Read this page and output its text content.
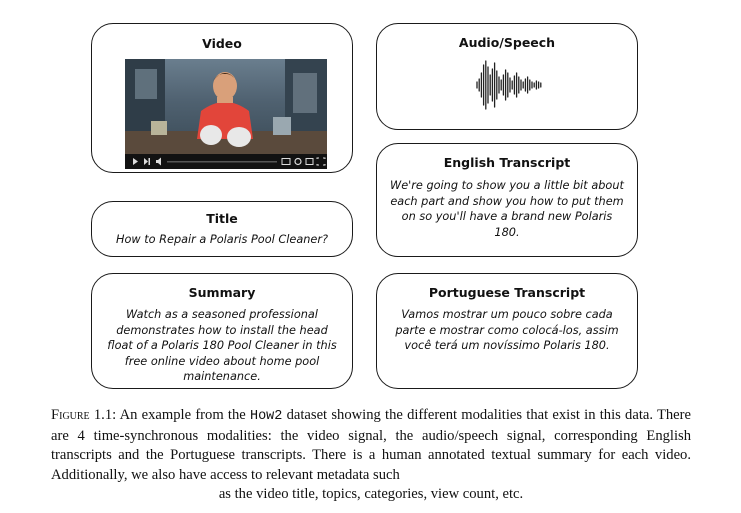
Video
Title
How to Repair a Polaris Pool Cleaner?
Summary
Watch as a seasoned professional
demonstrates how to install the head
float of a Polaris 180 Pool Cleaner in this
free online video about home pool
maintenance.
Audio/Speech
English Transcript
We're going to show you a little bit about
each part and show you how to put them
on so you'll have a brand new Polaris
180.
Portuguese Transcript
Vamos mostrar um pouco sobre cada
parte e mostrar como colocá-los, assim
você terá um novíssimo Polaris 180.
Figure 1.1: An example from the How2 dataset showing the different modalities that exist in this data. There are 4 time-synchronous modalities: the video signal, the audio/speech signal, corresponding English transcripts and the Portuguese transcripts. There is a human annotated textual summary for each video. Additionally, we also have access to relevant metadata such
as the video title, topics, categories, view count, etc.
